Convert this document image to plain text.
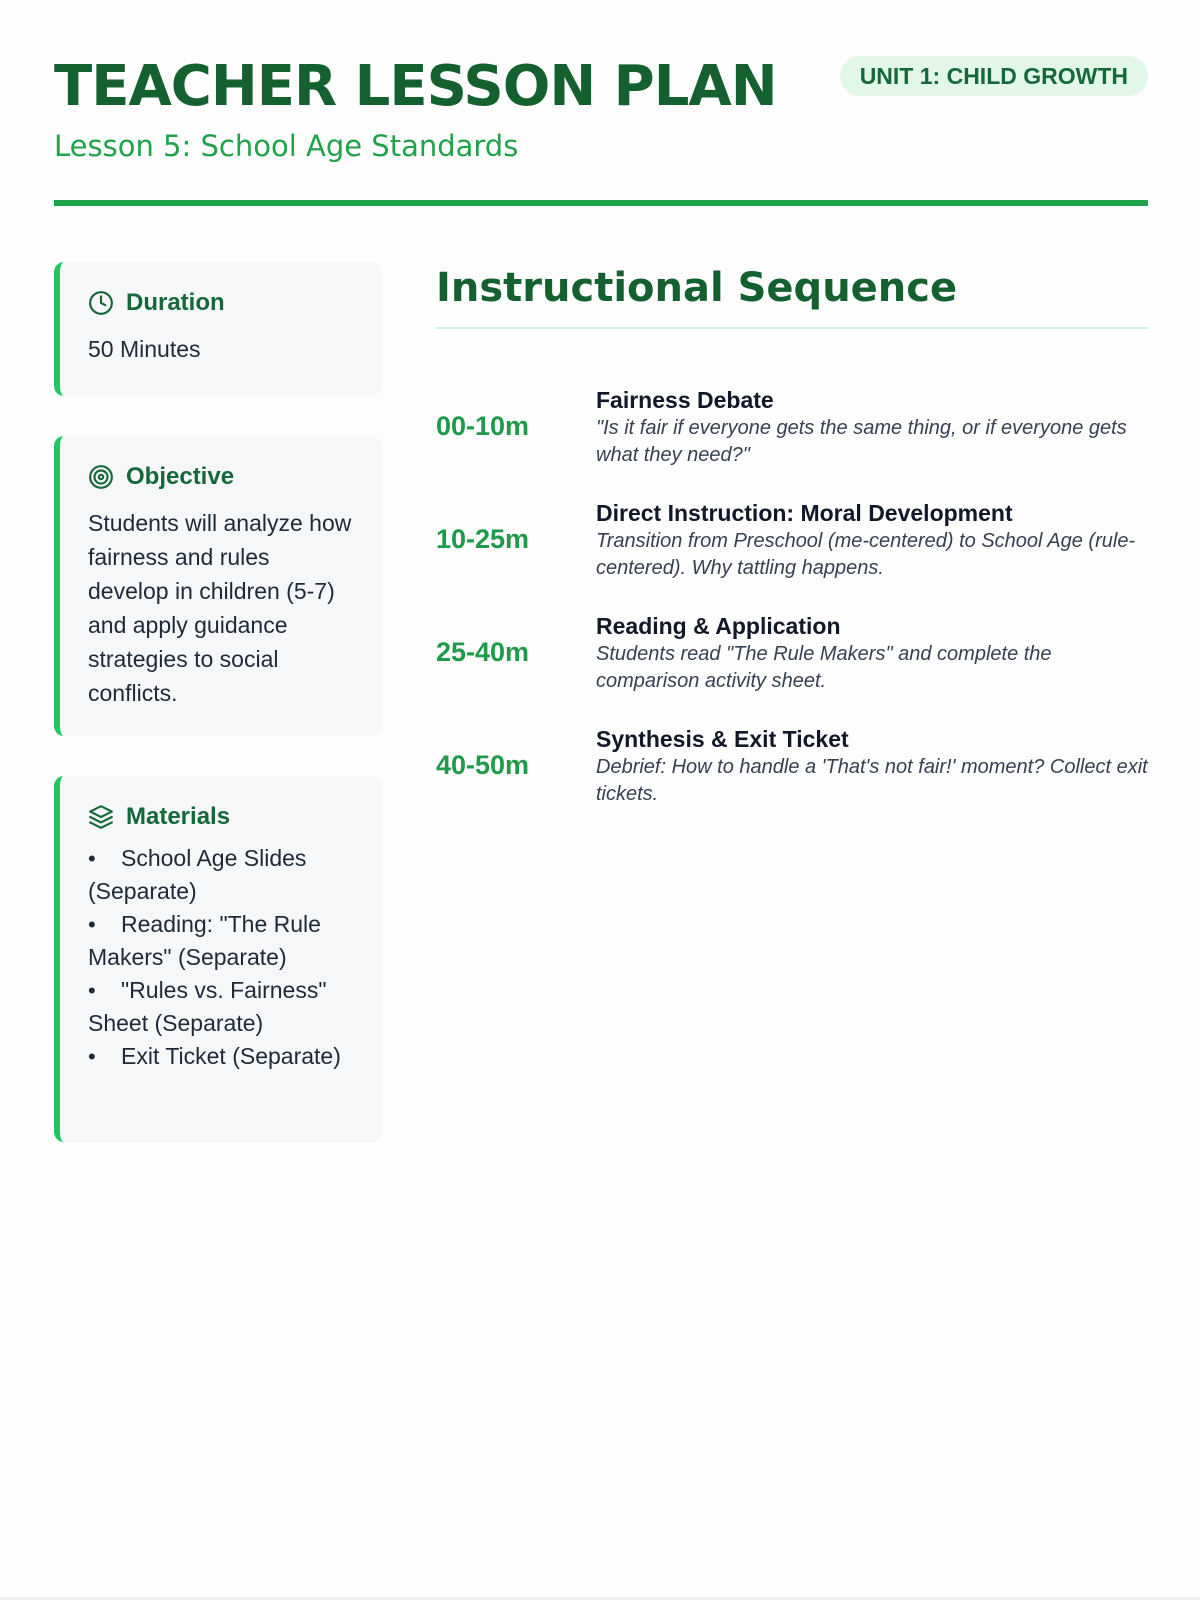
TEACHER LESSON PLAN
Lesson 5: School Age Standards
UNIT 1: CHILD GROWTH
Duration
50 Minutes
Objective
Students will analyze how fairness and rules develop in children (5-7) and apply guidance strategies to social conflicts.
Materials
• School Age Slides (Separate)
• Reading: "The Rule Makers" (Separate)
• "Rules vs. Fairness" Sheet (Separate)
• Exit Ticket (Separate)
Instructional Sequence
00-10m
Fairness Debate
"Is it fair if everyone gets the same thing, or if everyone gets what they need?"
10-25m
Direct Instruction: Moral Development
Transition from Preschool (me-centered) to School Age (rule-centered). Why tattling happens.
25-40m
Reading & Application
Students read "The Rule Makers" and complete the comparison activity sheet.
40-50m
Synthesis & Exit Ticket
Debrief: How to handle a 'That's not fair!' moment? Collect exit tickets.
